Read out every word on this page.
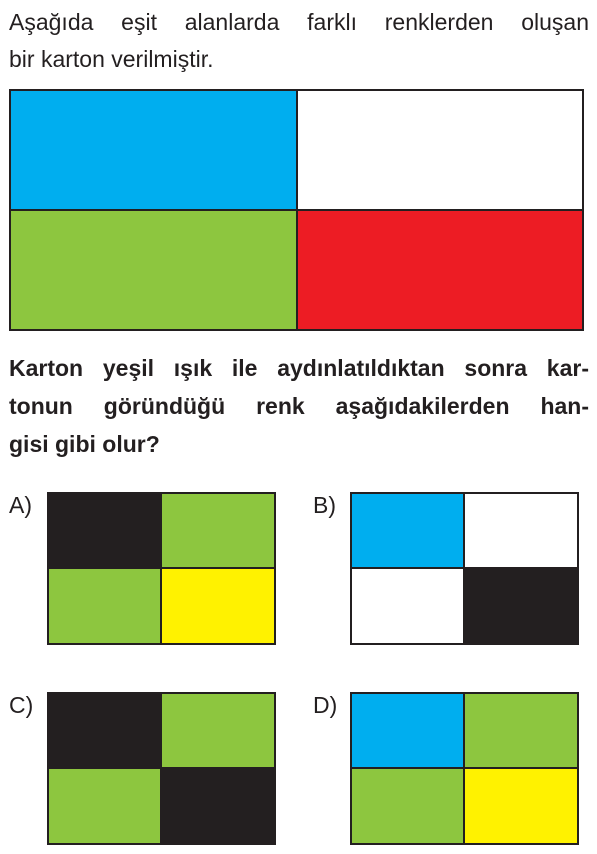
Aşağıda eşit alanlarda farklı renklerden oluşan
bir karton verilmiştir.
Karton yeşil ışık ile aydınlatıldıktan sonra kar-
tonun göründüğü renk aşağıdakilerden han-
gisi gibi olur?
A)	B)
C)	D)
